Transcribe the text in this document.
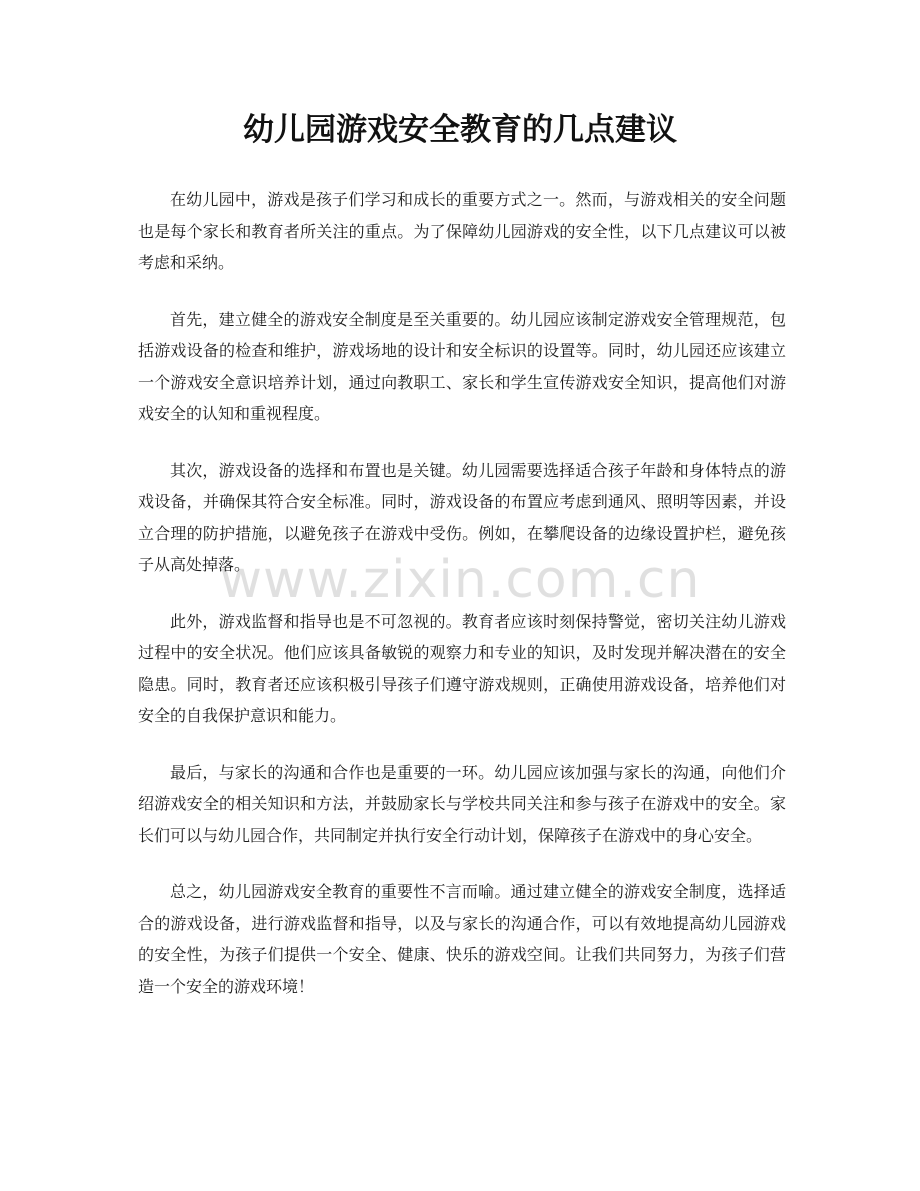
幼儿园游戏安全教育的几点建议

在幼儿园中，游戏是孩子们学习和成长的重要方式之一。然而，与游戏相关的安全问题也是每个家长和教育者所关注的重点。为了保障幼儿园游戏的安全性，以下几点建议可以被考虑和采纳。

首先，建立健全的游戏安全制度是至关重要的。幼儿园应该制定游戏安全管理规范，包括游戏设备的检查和维护，游戏场地的设计和安全标识的设置等。同时，幼儿园还应该建立一个游戏安全意识培养计划，通过向教职工、家长和学生宣传游戏安全知识，提高他们对游戏安全的认知和重视程度。

其次，游戏设备的选择和布置也是关键。幼儿园需要选择适合孩子年龄和身体特点的游戏设备，并确保其符合安全标准。同时，游戏设备的布置应考虑到通风、照明等因素，并设立合理的防护措施，以避免孩子在游戏中受伤。例如，在攀爬设备的边缘设置护栏，避免孩子从高处掉落。

此外，游戏监督和指导也是不可忽视的。教育者应该时刻保持警觉，密切关注幼儿游戏过程中的安全状况。他们应该具备敏锐的观察力和专业的知识，及时发现并解决潜在的安全隐患。同时，教育者还应该积极引导孩子们遵守游戏规则，正确使用游戏设备，培养他们对安全的自我保护意识和能力。

最后，与家长的沟通和合作也是重要的一环。幼儿园应该加强与家长的沟通，向他们介绍游戏安全的相关知识和方法，并鼓励家长与学校共同关注和参与孩子在游戏中的安全。家长们可以与幼儿园合作，共同制定并执行安全行动计划，保障孩子在游戏中的身心安全。

总之，幼儿园游戏安全教育的重要性不言而喻。通过建立健全的游戏安全制度，选择适合的游戏设备，进行游戏监督和指导，以及与家长的沟通合作，可以有效地提高幼儿园游戏的安全性，为孩子们提供一个安全、健康、快乐的游戏空间。让我们共同努力，为孩子们营造一个安全的游戏环境！

www.zixin.com.cn
